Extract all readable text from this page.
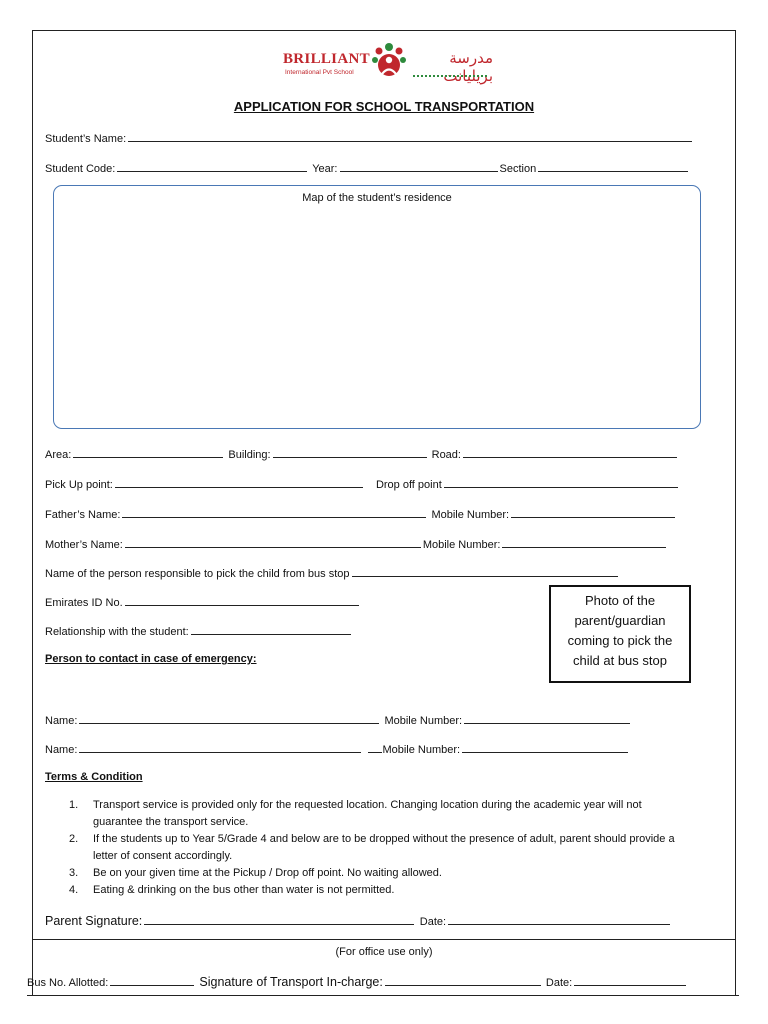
BRILLIANT
International Pvt School
مدرسة بريليانت
APPLICATION FOR SCHOOL TRANSPORTATION
Student’s Name:
Student Code:	Year:	Section
Map of the student’s residence
Area:	Building:	Road:
Pick Up point:	Drop off point
Father’s Name:	Mobile Number:
Mother’s Name:	Mobile Number:
Name of the person responsible to pick the child from bus stop
Emirates ID No.
Relationship with the student:
Photo of the
parent/guardian
coming to pick the
child at bus stop
Person to contact in case of emergency:
Name:	Mobile Number:
Name:	Mobile Number:
Terms & Condition
1.	Transport service is provided only for the requested location. Changing location during the academic year will not guarantee the transport service.
2.	If the students up to Year 5/Grade 4 and below are to be dropped without the presence of adult, parent should provide a letter of consent accordingly.
3.	Be on your given time at the Pickup / Drop off point. No waiting allowed.
4.	Eating & drinking on the bus other than water is not permitted.
Parent Signature:	Date:
(For office use only)
Bus No. Allotted:	Signature of Transport In-charge:	Date:
